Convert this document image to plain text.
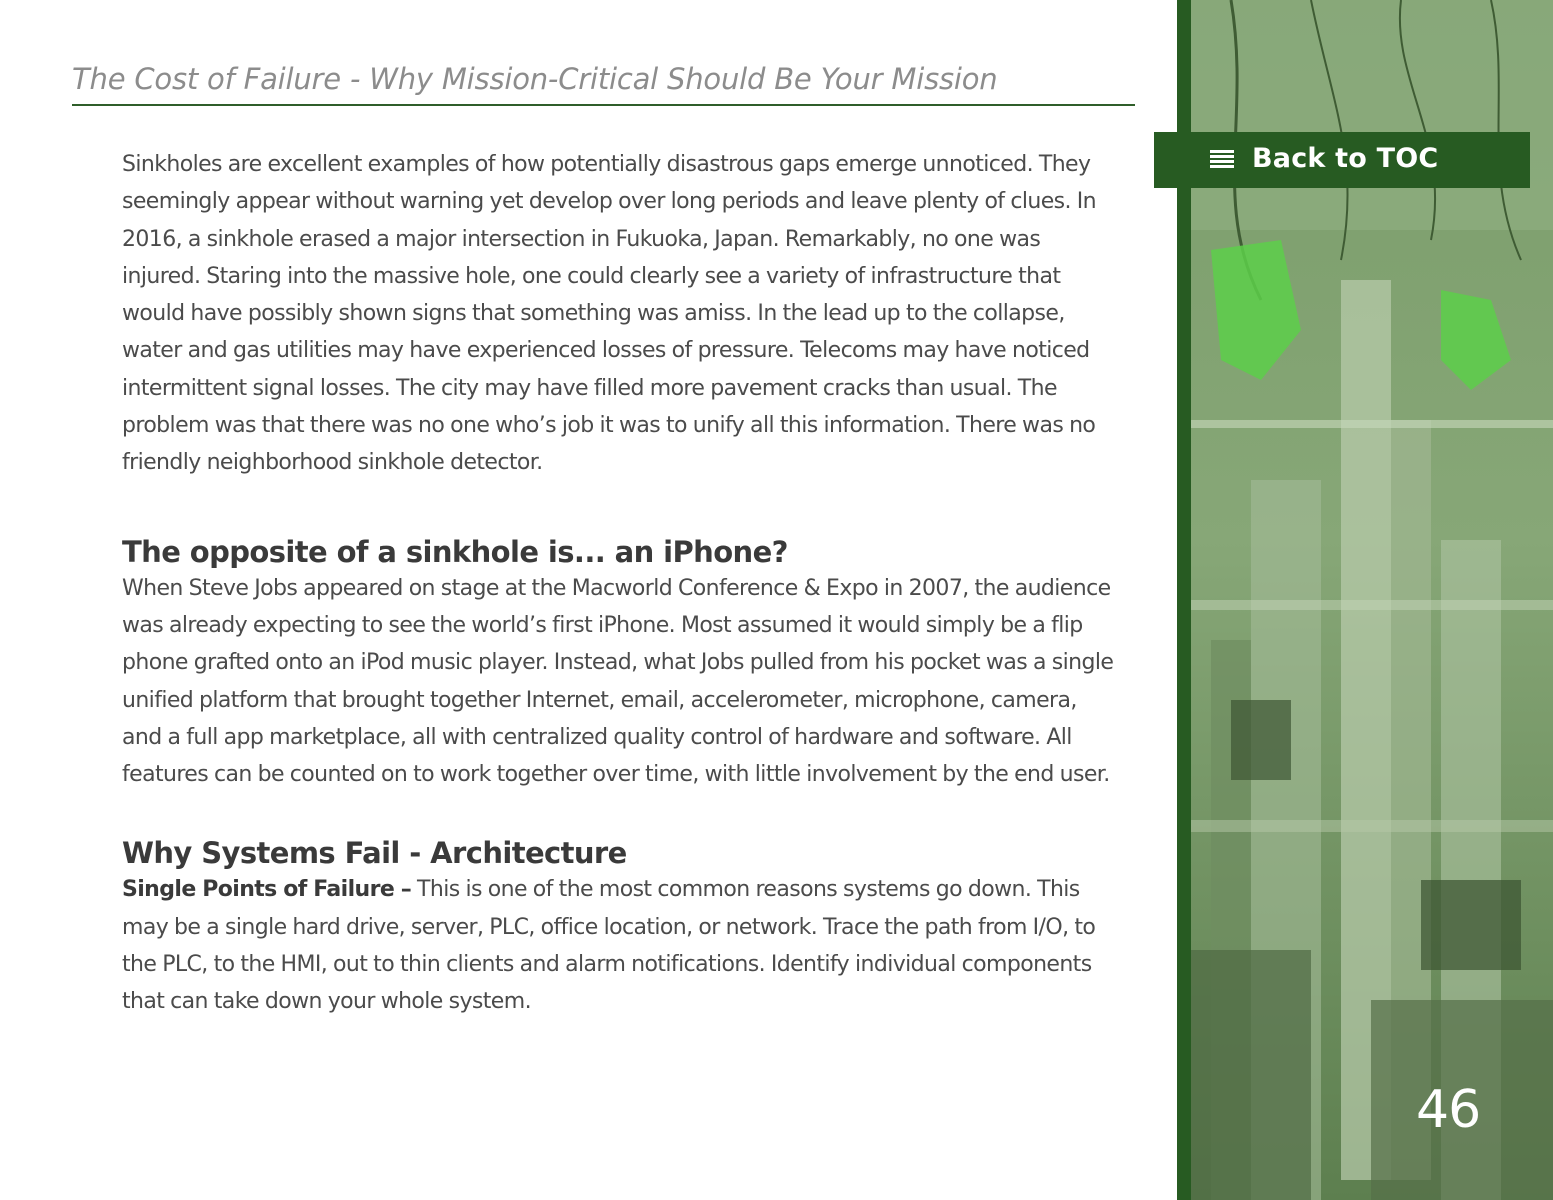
The Cost of Failure - Why Mission-Critical Should Be Your Mission

Sinkholes are excellent examples of how potentially disastrous gaps emerge unnoticed. They seemingly appear without warning yet develop over long periods and leave plenty of clues. In 2016, a sinkhole erased a major intersection in Fukuoka, Japan. Remarkably, no one was injured. Staring into the massive hole, one could clearly see a variety of infrastructure that would have possibly shown signs that something was amiss. In the lead up to the collapse, water and gas utilities may have experienced losses of pressure. Telecoms may have noticed intermittent signal losses. The city may have filled more pavement cracks than usual. The problem was that there was no one who’s job it was to unify all this information. There was no friendly neighborhood sinkhole detector.

The opposite of a sinkhole is... an iPhone?

When Steve Jobs appeared on stage at the Macworld Conference & Expo in 2007, the audience was already expecting to see the world’s first iPhone. Most assumed it would simply be a flip phone grafted onto an iPod music player. Instead, what Jobs pulled from his pocket was a single unified platform that brought together Internet, email, accelerometer, microphone, camera, and a full app marketplace, all with centralized quality control of hardware and software. All features can be counted on to work together over time, with little involvement by the end user.

Why Systems Fail - Architecture

Single Points of Failure – This is one of the most common reasons systems go down. This may be a single hard drive, server, PLC, office location, or network. Trace the path from I/O, to the PLC, to the HMI, out to thin clients and alarm notifications. Identify individual components that can take down your whole system.

Back to TOC
46
